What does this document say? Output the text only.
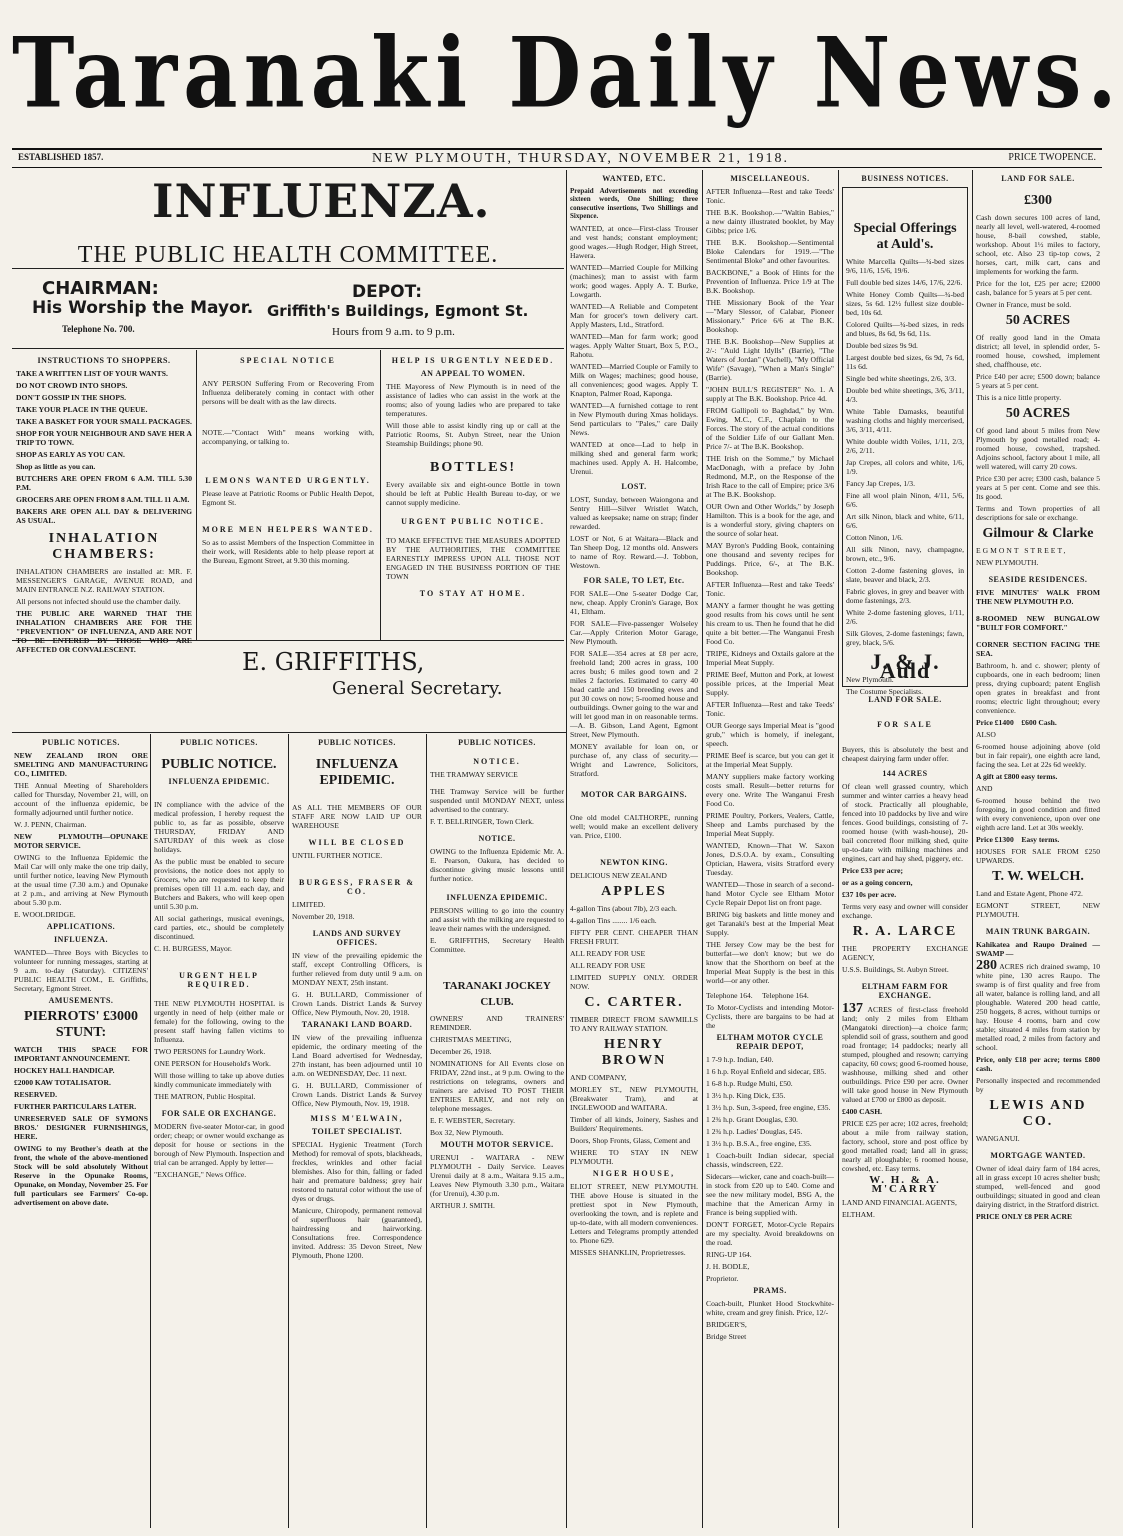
Taranaki Daily News.
ESTABLISHED 1857.	NEW PLYMOUTH, THURSDAY, NOVEMBER 21, 1918.	PRICE TWOPENCE.
INFLUENZA.
THE PUBLIC HEALTH COMMITTEE.
CHAIRMAN:
His Worship the Mayor.
Telephone No. 700.
DEPOT:
Griffith's Buildings, Egmont St.
Hours from 9 a.m. to 9 p.m.
INSTRUCTIONS TO SHOPPERS.

TAKE A WRITTEN LIST OF YOUR WANTS.

DO NOT CROWD INTO SHOPS.

DON'T GOSSIP IN THE SHOPS.

TAKE YOUR PLACE IN THE QUEUE.

TAKE A BASKET FOR YOUR SMALL PACKAGES.

SHOP FOR YOUR NEIGHBOUR AND SAVE HER A TRIP TO TOWN.

SHOP AS EARLY AS YOU CAN.

Shop as little as you can.

BUTCHERS ARE OPEN FROM 6 A.M. TILL 5.30 P.M.

GROCERS ARE OPEN FROM 8 A.M. TILL 11 A.M.

BAKERS ARE OPEN ALL DAY & DELIVERING AS USUAL.

INHALATION CHAMBERS:

INHALATION CHAMBERS are installed at: MR. F. MESSENGER'S GARAGE, AVENUE ROAD, and MAIN ENTRANCE N.Z. RAILWAY STATION.

All persons not infected should use the chamber daily.

THE PUBLIC ARE WARNED THAT THE INHALATION CHAMBERS ARE FOR THE "PREVENTION" OF INFLUENZA, AND ARE NOT TO BE ENTERED BY THOSE WHO ARE AFFECTED OR CONVALESCENT.

SPECIAL NOTICE

ANY PERSON Suffering From or Recovering From Influenza deliberately coming in contact with other persons will be dealt with as the law directs.

NOTE.—"Contact With" means working with, accompanying, or talking to.

LEMONS WANTED URGENTLY.

Please leave at Patriotic Rooms or Public Health Depot, Egmont St.

MORE MEN HELPERS WANTED.

So as to assist Members of the Inspection Committee in their work, will Residents able to help please report at the Bureau, Egmont Street, at 9.30 this morning.

HELP IS URGENTLY NEEDED.
AN APPEAL TO WOMEN.

THE Mayoress of New Plymouth is in need of the assistance of ladies who can assist in the work at the rooms; also of young ladies who are prepared to take temperatures.

Will those able to assist kindly ring up or call at the Patriotic Rooms, St. Aubyn Street, near the Union Steamship Buildings; phone 90.

BOTTLES!

Every available six and eight-ounce Bottle in town should be left at Public Health Bureau to-day, or we cannot supply medicine.

URGENT PUBLIC NOTICE.

TO MAKE EFFECTIVE THE MEASURES ADOPTED BY THE AUTHORITIES, THE COMMITTEE EARNESTLY IMPRESS UPON ALL THOSE NOT ENGAGED IN THE BUSINESS PORTION OF THE TOWN

TO STAY AT HOME.
E. GRIFFITHS,
General Secretary.
PUBLIC NOTICES.

NEW ZEALAND IRON ORE SMELTING AND MANUFACTURING CO., LIMITED.

THE Annual Meeting of Shareholders called for Thursday, November 21, will, on account of the influenza epidemic, be formally adjourned until further notice.

W. J. PENN, Chairman.

NEW PLYMOUTH—OPUNAKE MOTOR SERVICE.

OWING to the Influenza Epidemic the Mail Car will only make the one trip daily, until further notice, leaving New Plymouth at the usual time (7.30 a.m.) and Opunake at 2 p.m., and arriving at New Plymouth about 5.30 p.m.

E. WOOLDRIDGE.

APPLICATIONS.
INFLUENZA.

WANTED—Three Boys with Bicycles to volunteer for running messages, starting at 9 a.m. to-day (Saturday). CITIZENS' PUBLIC HEALTH COM., E. Griffiths, Secretary, Egmont Street.

AMUSEMENTS.
PIERROTS' £3000 STUNT:

WATCH THIS SPACE FOR IMPORTANT ANNOUNCEMENT.

HOCKEY HALL HANDICAP.

£2000 KAW TOTALISATOR.

RESERVED.

FURTHER PARTICULARS LATER.

UNRESERVED SALE OF SYMONS BROS.' DESIGNER FURNISHINGS, HERE.

OWING to my Brother's death at the front, the whole of the above-mentioned Stock will be sold absolutely Without Reserve in the Opunake Rooms, Opunake, on Monday, November 25. For full particulars see Farmers' Co-op. advertisement on above date.

PUBLIC NOTICES.
PUBLIC NOTICE.
INFLUENZA EPIDEMIC.

IN compliance with the advice of the medical profession, I hereby request the public to, as far as possible, observe THURSDAY, FRIDAY AND SATURDAY of this week as close holidays.

As the public must be enabled to secure provisions, the notice does not apply to Grocers, who are requested to keep their premises open till 11 a.m. each day, and Butchers and Bakers, who will keep open until 5.30 p.m.

All social gatherings, musical evenings, card parties, etc., should be completely discontinued.

C. H. BURGESS, Mayor.

URGENT HELP REQUIRED.

THE NEW PLYMOUTH HOSPITAL is urgently in need of help (either male or female) for the following, owing to the present staff having fallen victims to Influenza.

TWO PERSONS for Laundry Work.

ONE PERSON for Household's Work.

Will those willing to take up above duties kindly communicate immediately with

THE MATRON, Public Hospital.

FOR SALE OR EXCHANGE.

MODERN five-seater Motor-car, in good order; cheap; or owner would exchange as deposit for house or sections in the borough of New Plymouth. Inspection and trial can be arranged. Apply by letter—

"EXCHANGE," News Office.

PUBLIC NOTICES.
INFLUENZA EPIDEMIC.

AS ALL THE MEMBERS OF OUR STAFF ARE NOW LAID UP OUR WAREHOUSE

WILL BE CLOSED

UNTIL FURTHER NOTICE.

BURGESS, FRASER & CO.

LIMITED.

November 20, 1918.

LANDS AND SURVEY OFFICES.

IN view of the prevailing epidemic the staff, except Controlling Officers, is further relieved from duty until 9 a.m. on MONDAY NEXT, 25th instant.

G. H. BULLARD, Commissioner of Crown Lands. District Lands & Survey Office, New Plymouth, Nov. 20, 1918.

TARANAKI LAND BOARD.

IN view of the prevailing influenza epidemic, the ordinary meeting of the Land Board advertised for Wednesday, 27th instant, has been adjourned until 10 a.m. on WEDNESDAY, Dec. 11 next.

G. H. BULLARD, Commissioner of Crown Lands. District Lands & Survey Office, New Plymouth, Nov. 19, 1918.

MISS M'ELWAIN,
TOILET SPECIALIST.

SPECIAL Hygienic Treatment (Torch Method) for removal of spots, blackheads, freckles, wrinkles and other facial blemishes. Also for thin, falling or faded hair and premature baldness; grey hair restored to natural color without the use of dyes or drugs.

Manicure, Chiropody, permanent removal of superfluous hair (guaranteed), hairdressing and hairworking. Consultations free. Correspondence invited. Address: 35 Devon Street, New Plymouth, Phone 1200.

PUBLIC NOTICES.
NOTICE.

THE TRAMWAY SERVICE

THE Tramway Service will be further suspended until MONDAY NEXT, unless advertised to the contrary.

F. T. BELLRINGER, Town Clerk.

NOTICE.

OWING to the Influenza Epidemic Mr. A. E. Pearson, Oakura, has decided to discontinue giving music lessons until further notice.

INFLUENZA EPIDEMIC.

PERSONS willing to go into the country and assist with the milking are requested to leave their names with the undersigned.

E. GRIFFITHS, Secretary Health Committee.

TARANAKI JOCKEY CLUB.

OWNERS' AND TRAINERS' REMINDER.

CHRISTMAS MEETING,

December 26, 1918.

NOMINATIONS for All Events close on FRIDAY, 22nd inst., at 9 p.m. Owing to the restrictions on telegrams, owners and trainers are advised TO POST THEIR ENTRIES EARLY, and not rely on telephone messages.

E. F. WEBSTER, Secretary.

Box 32, New Plymouth.

MOUTH MOTOR SERVICE.

URENUI - WAITARA - NEW PLYMOUTH - Daily Service. Leaves Urenui daily at 8 a.m., Waitara 9.15 a.m., Leaves New Plymouth 3.30 p.m., Waitara (for Urenui), 4.30 p.m.

ARTHUR J. SMITH.

WANTED, ETC.

Prepaid Advertisements not exceeding sixteen words, One Shilling; three consecutive insertions, Two Shillings and Sixpence.

WANTED, at once—First-class Trouser and vest hands; constant employment; good wages.—Hugh Rodger, High Street, Hawera.

WANTED—Married Couple for Milking (machines); man to assist with farm work; good wages. Apply A. T. Burke, Lowgarth.

WANTED—A Reliable and Competent Man for grocer's town delivery cart. Apply Masters, Ltd., Stratford.

WANTED—Man for farm work; good wages. Apply Walter Stuart, Box 5, P.O., Rahotu.

WANTED—Married Couple or Family to Milk on Wages; machines; good house, all conveniences; good wages. Apply T. Knapton, Palmer Road, Kaponga.

WANTED—A furnished cottage to rent in New Plymouth during Xmas holidays. Send particulars to "Pales," care Daily News.

WANTED at once—Lad to help in milking shed and general farm work; machines used. Apply A. H. Halcombe, Urenui.

LOST.

LOST, Sunday, between Waiongona and Sentry Hill—Silver Wristlet Watch, valued as keepsake; name on strap; finder rewarded.

LOST or Not, 6 at Waitara—Black and Tan Sheep Dog, 12 months old. Answers to name of Roy. Reward.—J. Tobbon, Westown.

FOR SALE, TO LET, Etc.

FOR SALE—One 5-seater Dodge Car, new, cheap. Apply Cronin's Garage, Box 41, Eltham.

FOR SALE—Five-passenger Wolseley Car.—Apply Criterion Motor Garage, New Plymouth.

FOR SALE—354 acres at £8 per acre, freehold land; 200 acres in grass, 100 acres bush; 6 miles good town and 2 miles 2 factories. Estimated to carry 40 head cattle and 150 breeding ewes and put 30 cows on now; 5-roomed house and outbuildings. Owner going to the war and will let good man in on reasonable terms.—A. B. Gibson, Land Agent, Egmont Street, New Plymouth.

MONEY available for loan on, or purchase of, any class of security.—Wright and Lawrence, Solicitors, Stratford.

MOTOR CAR BARGAINS.

One old model CALTHORPE, running well; would make an excellent delivery van. Price, £100.

NEWTON KING.

DELICIOUS NEW ZEALAND

APPLES

4-gallon Tins (about 7lb), 2/3 each.

4-gallon Tins ........ 1/6 each.

FIFTY PER CENT. CHEAPER THAN FRESH FRUIT.

ALL READY FOR USE

ALL READY FOR USE

LIMITED SUPPLY ONLY. ORDER NOW.

C. CARTER.

TIMBER DIRECT FROM SAWMILLS TO ANY RAILWAY STATION.

HENRY BROWN

AND COMPANY,

MORLEY ST., NEW PLYMOUTH, (Breakwater Tram), and at INGLEWOOD and WAITARA.

Timber of all kinds, Joinery, Sashes and Builders' Requirements.

Doors, Shop Fronts, Glass, Cement and

WHERE TO STAY IN NEW PLYMOUTH.

NIGER HOUSE,

ELIOT STREET, NEW PLYMOUTH. THE above House is situated in the prettiest spot in New Plymouth, overlooking the town, and is replete and up-to-date, with all modern conveniences. Letters and Telegrams promptly attended to. Phone 629.

MISSES SHANKLIN, Proprietresses.

MISCELLANEOUS.

AFTER Influenza—Rest and take Teeds' Tonic.

THE B.K. Bookshop.—"Waltin Babies," a new dainty illustrated booklet, by May Gibbs; price 1/6.

THE B.K. Bookshop.—Sentimental Bloke Calendars for 1919.—"The Sentimental Bloke" and other favourites.

BACKBONE," a Book of Hints for the Prevention of Influenza. Price 1/9 at The B.K. Bookshop.

THE Missionary Book of the Year—"Mary Slessor, of Calabar, Pioneer Missionary." Price 6/6 at The B.K. Bookshop.

THE B.K. Bookshop—New Supplies at 2/-: "Auld Light Idylls" (Barrie), "The Waters of Jordan" (Vachell), "My Official Wife" (Savage), "When a Man's Single" (Barrie).

"JOHN BULL'S REGISTER" No. 1. A supply at The B.K. Bookshop. Price 4d.

FROM Gallipoli to Baghdad," by Wm. Ewing, M.C., C.F., Chaplain to the Forces. The story of the actual conditions of the Soldier Life of our Gallant Men. Price 7/- at The B.K. Bookshop.

THE Irish on the Somme," by Michael MacDonagh, with a preface by John Redmond, M.P., on the Response of the Irish Race to the call of Empire; price 3/6 at The B.K. Bookshop.

OUR Own and Other Worlds," by Joseph Hamilton. This is a book for the age, and is a wonderful story, giving chapters on the source of solar heat.

MAY Byron's Pudding Book, containing one thousand and seventy recipes for Puddings. Price, 6/-, at The B.K. Bookshop.

AFTER Influenza—Rest and take Teeds' Tonic.

MANY a farmer thought he was getting good results from his cows until he sent his cream to us. Then he found that he did quite a bit better.—The Wanganui Fresh Food Co.

TRIPE, Kidneys and Oxtails galore at the Imperial Meat Supply.

PRIME Beef, Mutton and Pork, at lowest possible prices, at the Imperial Meat Supply.

AFTER Influenza—Rest and take Teeds' Tonic.

OUR George says Imperial Meat is "good grub," which is homely, if inelegant, speech.

PRIME Beef is scarce, but you can get it at the Imperial Meat Supply.

MANY suppliers make factory working costs small. Result—better returns for every one. Write The Wanganui Fresh Food Co.

PRIME Poultry, Porkers, Vealers, Cattle, Sheep and Lambs purchased by the Imperial Meat Supply.

WANTED, Known—That W. Saxon Jones, D.S.O.A. by exam., Consulting Optician, Hawera, visits Stratford every Tuesday.

WANTED—Those in search of a second-hand Motor Cycle see Eltham Motor Cycle Repair Depot list on front page.

BRING big baskets and little money and get Taranaki's best at the Imperial Meat Supply.

THE Jersey Cow may be the best for butterfat—we don't know; but we do know that the Shorthorn on beef at the Imperial Meat Supply is the best in this world—or any other.

Telephone 164. Telephone 164.

To Motor-Cyclists and intending Motor-Cyclists, there are bargains to be had at the

ELTHAM MOTOR CYCLE REPAIR DEPOT,

1 7-9 h.p. Indian, £40.

1 6 h.p. Royal Enfield and sidecar, £85.

1 6-8 h.p. Rudge Multi, £50.

1 3½ h.p. King Dick, £35.

1 3½ h.p. Sun, 3-speed, free engine, £35.

1 2¾ h.p. Grant Douglas, £30.

1 2¾ h.p. Ladies' Douglas, £45.

1 3½ h.p. B.S.A., free engine, £35.

1 Coach-built Indian sidecar, special chassis, windscreen, £22.

Sidecars—wicker, cane and coach-built—in stock from £20 up to £40. Come and see the new military model, BSG A, the machine that the American Army in France is being supplied with.

DON'T FORGET, Motor-Cycle Repairs are my specialty. Avoid breakdowns on the road.

RING-UP 164.

J. H. BODLE,

Proprietor.

PRAMS.

Coach-built, Plunket Hood Stockwhite-white, cream and grey finish. Price, 12/-

BRIDGER'S,

Bridge Street

BUSINESS NOTICES.
Special Offerings at Auld's.

White Marcella Quilts—¾-bed sizes 9/6, 11/6, 15/6, 19/6.

Full double bed sizes 14/6, 17/6, 22/6.

White Honey Comb Quilts—¾-bed sizes, 5s 6d. 12½ fullest size double-bed, 10s 6d.

Colored Quilts—¾-bed sizes, in reds and blues, 8s 6d, 9s 6d, 11s.

Double bed sizes 9s 9d.

Largest double bed sizes, 6s 9d, 7s 6d, 11s 6d.

Single bed white sheetings, 2/6, 3/3.

Double bed white sheetings, 3/6, 3/11, 4/3.

White Table Damasks, beautiful washing cloths and highly mercerised, 3/6, 3/11, 4/11.

White double width Voiles, 1/11, 2/3, 2/6, 2/11.

Jap Crepes, all colors and white, 1/6, 1/9.

Fancy Jap Crepes, 1/3.

Fine all wool plain Ninon, 4/11, 5/6, 6/6.

Art silk Ninon, black and white, 6/11, 6/6.

Cotton Ninon, 1/6.

All silk Ninon, navy, champagne, brown, etc., 9/6.

Cotton 2-dome fastening gloves, in slate, beaver and black, 2/3.

Fabric gloves, in grey and beaver with dome fastenings, 2/3.

White 2-dome fastening gloves, 1/11, 2/6.

Silk Gloves, 2-dome fastenings; fawn, grey, black, 5/6.

J. & J. Auld

New Plymouth.

The Costume Specialists.

LAND FOR SALE.
FOR SALE

Buyers, this is absolutely the best and cheapest dairying farm under offer.

144 ACRES

Of clean well grassed country, which summer and winter carries a heavy head of stock. Practically all ploughable, fenced into 10 paddocks by live and wire fences. Good buildings, consisting of 7-roomed house (with wash-house), 20-bail concreted floor milking shed, quite up-to-date with milking machines and engines, cart and hay shed, piggery, etc.

Price £33 per acre;

or as a going concern,

£37 10s per acre.

Terms very easy and owner will consider exchange.

R. A. LARCE

THE PROPERTY EXCHANGE AGENCY,

U.S.S. Buildings, St. Aubyn Street.

ELTHAM FARM FOR EXCHANGE.

137 ACRES of first-class freehold land; only 2 miles from Eltham (Mangatoki direction)—a choice farm; splendid soil of grass, southern and good road frontage; 14 paddocks; nearly all stumped, ploughed and resown; carrying capacity, 60 cows; good 6-roomed house, washhouse, milking shed and other outbuildings. Price £90 per acre. Owner will take good house in New Plymouth valued at £700 or £800 as deposit.

£400 CASH.

PRICE £25 per acre; 102 acres, freehold; about a mile from railway station, factory, school, store and post office by good metalled road; land all in grass; nearly all ploughable; 6 roomed house, cowshed, etc. Easy terms.

W. H. & A. M'CARRY

LAND AND FINANCIAL AGENTS,

ELTHAM.

LAND FOR SALE.
£300

Cash down secures 100 acres of land, nearly all level, well-watered, 4-roomed house, 8-bail cowshed, stable, workshop. About 1½ miles to factory, school, etc. Also 23 tip-top cows, 2 horses, cart, milk cart, cans and implements for working the farm.

Price for the lot, £25 per acre; £2000 cash, balance for 5 years at 5 per cent.

Owner in France, must be sold.

50 ACRES

Of really good land in the Omata district; all level, in splendid order, 5-roomed house, cowshed, implement shed, chaffhouse, etc.

Price £40 per acre; £500 down; balance 5 years at 5 per cent.

This is a nice little property.

50 ACRES

Of good land about 5 miles from New Plymouth by good metalled road; 4-roomed house, cowshed, trapshed. Adjoins school, factory about 1 mile, all well watered, will carry 20 cows.

Price £30 per acre; £300 cash, balance 5 years at 5 per cent. Come and see this. Its good.

Terms and Town properties of all descriptions for sale or exchange.

Gilmour & Clarke

EGMONT STREET,

NEW PLYMOUTH.

SEASIDE RESIDENCES.

FIVE MINUTES' WALK FROM THE NEW PLYMOUTH P.O.

8-ROOMED NEW BUNGALOW "BUILT FOR COMFORT."

CORNER SECTION FACING THE SEA.

Bathroom, h. and c. shower; plenty of cupboards, one in each bedroom; linen press, drying cupboard; patent English open grates in breakfast and front rooms; electric light throughout; every convenience.

Price £1400 £600 Cash.

ALSO

6-roomed house adjoining above (old but in fair repair), one eighth acre land, facing the sea. Let at 22s 6d weekly.

A gift at £800 easy terms.

AND

6-roomed house behind the two foregoing, in good condition and fitted with every convenience, upon over one eighth acre land. Let at 30s weekly.

Price £1300 Easy terms.

HOUSES FOR SALE FROM £250 UPWARDS.

T. W. WELCH.

Land and Estate Agent, Phone 472.

EGMONT STREET, NEW PLYMOUTH.

MAIN TRUNK BARGAIN.

Kahikatea and Raupo Drained — SWAMP —

280 ACRES rich drained swamp, 10 white pine, 130 acres Raupo. The swamp is of first quality and free from all water, balance is rolling land, and all ploughable. Watered 200 head cattle, 250 hoggets, 8 acres, without turnips or hay. House 4 rooms, barn and cow stable; situated 4 miles from station by metalled road, 2 miles from factory and school.

Price, only £18 per acre; terms £800 cash.

Personally inspected and recommended by

LEWIS AND CO.

WANGANUI.

MORTGAGE WANTED.

Owner of ideal dairy farm of 184 acres, all in grass except 10 acres shelter bush; stumped, well-fenced and good outbuildings; situated in good and clean dairying district, in the Stratford district.

PRICE ONLY £8 PER ACRE
